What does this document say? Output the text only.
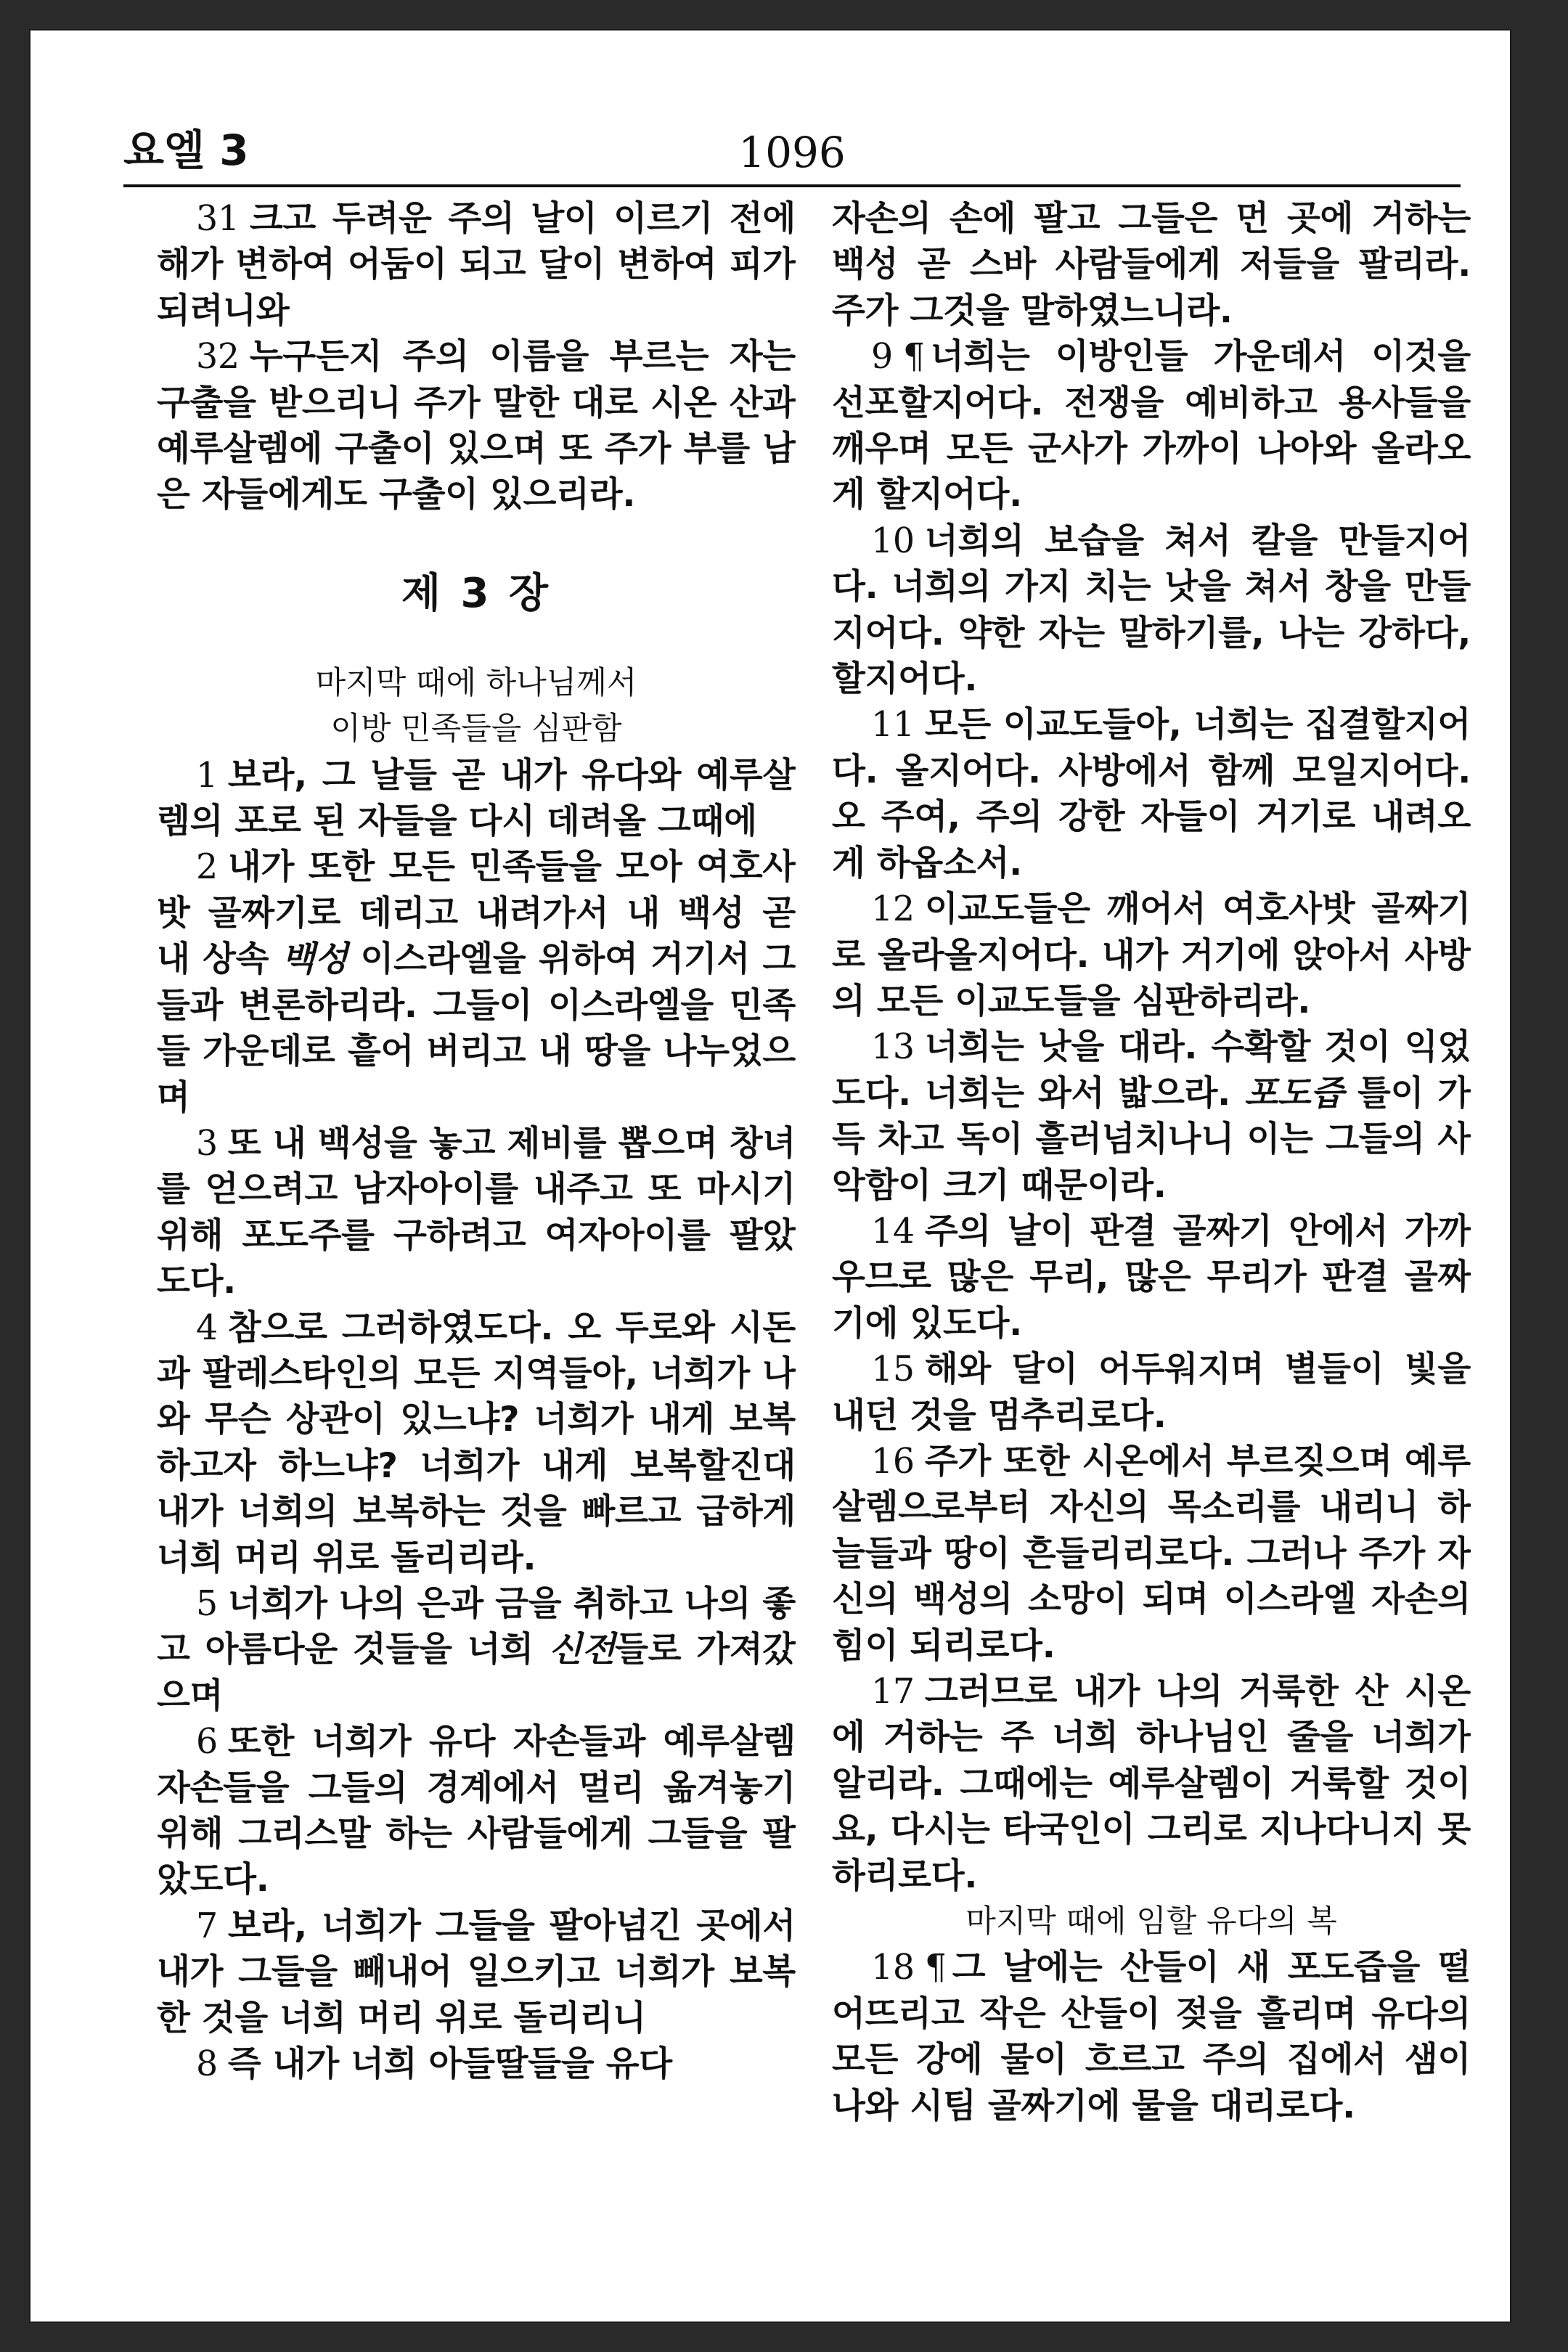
요엘 3	1096

31 크고 두려운 주의 날이 이르기 전에 해가 변하여 어둠이 되고 달이 변하여 피가 되려니와

32 누구든지 주의 이름을 부르는 자는 구출을 받으리니 주가 말한 대로 시온 산과 예루살렘에 구출이 있으며 또 주가 부를 남은 자들에게도 구출이 있으리라.

제 3 장

마지막 때에 하나님께서

이방 민족들을 심판함

1 보라, 그 날들 곧 내가 유다와 예루살렘의 포로 된 자들을 다시 데려올 그때에

2 내가 또한 모든 민족들을 모아 여호사밧 골짜기로 데리고 내려가서 내 백성 곧 내 상속 백성 이스라엘을 위하여 거기서 그들과 변론하리라. 그들이 이스라엘을 민족들 가운데로 흩어 버리고 내 땅을 나누었으며

3 또 내 백성을 놓고 제비를 뽑으며 창녀를 얻으려고 남자아이를 내주고 또 마시기 위해 포도주를 구하려고 여자아이를 팔았도다.

4 참으로 그러하였도다. 오 두로와 시돈과 팔레스타인의 모든 지역들아, 너희가 나와 무슨 상관이 있느냐? 너희가 내게 보복하고자 하느냐? 너희가 내게 보복할진대 내가 너희의 보복하는 것을 빠르고 급하게 너희 머리 위로 돌리리라.

5 너희가 나의 은과 금을 취하고 나의 좋고 아름다운 것들을 너희 신전들로 가져갔으며

6 또한 너희가 유다 자손들과 예루살렘 자손들을 그들의 경계에서 멀리 옮겨놓기 위해 그리스말 하는 사람들에게 그들을 팔았도다.

7 보라, 너희가 그들을 팔아넘긴 곳에서 내가 그들을 빼내어 일으키고 너희가 보복한 것을 너희 머리 위로 돌리리니

8 즉 내가 너희 아들딸들을 유다

자손의 손에 팔고 그들은 먼 곳에 거하는 백성 곧 스바 사람들에게 저들을 팔리라. 주가 그것을 말하였느니라.

9 ¶ 너희는 이방인들 가운데서 이것을 선포할지어다. 전쟁을 예비하고 용사들을 깨우며 모든 군사가 가까이 나아와 올라오게 할지어다.

10 너희의 보습을 쳐서 칼을 만들지어다. 너희의 가지 치는 낫을 쳐서 창을 만들지어다. 약한 자는 말하기를, 나는 강하다, 할지어다.

11 모든 이교도들아, 너희는 집결할지어다. 올지어다. 사방에서 함께 모일지어다. 오 주여, 주의 강한 자들이 거기로 내려오게 하옵소서.

12 이교도들은 깨어서 여호사밧 골짜기로 올라올지어다. 내가 거기에 앉아서 사방의 모든 이교도들을 심판하리라.

13 너희는 낫을 대라. 수확할 것이 익었도다. 너희는 와서 밟으라. 포도즙 틀이 가득 차고 독이 흘러넘치나니 이는 그들의 사악함이 크기 때문이라.

14 주의 날이 판결 골짜기 안에서 가까우므로 많은 무리, 많은 무리가 판결 골짜기에 있도다.

15 해와 달이 어두워지며 별들이 빛을 내던 것을 멈추리로다.

16 주가 또한 시온에서 부르짖으며 예루살렘으로부터 자신의 목소리를 내리니 하늘들과 땅이 흔들리리로다. 그러나 주가 자신의 백성의 소망이 되며 이스라엘 자손의 힘이 되리로다.

17 그러므로 내가 나의 거룩한 산 시온에 거하는 주 너희 하나님인 줄을 너희가 알리라. 그때에는 예루살렘이 거룩할 것이요, 다시는 타국인이 그리로 지나다니지 못하리로다.

마지막 때에 임할 유다의 복

18 ¶ 그 날에는 산들이 새 포도즙을 떨어뜨리고 작은 산들이 젖을 흘리며 유다의 모든 강에 물이 흐르고 주의 집에서 샘이 나와 시팀 골짜기에 물을 대리로다.
